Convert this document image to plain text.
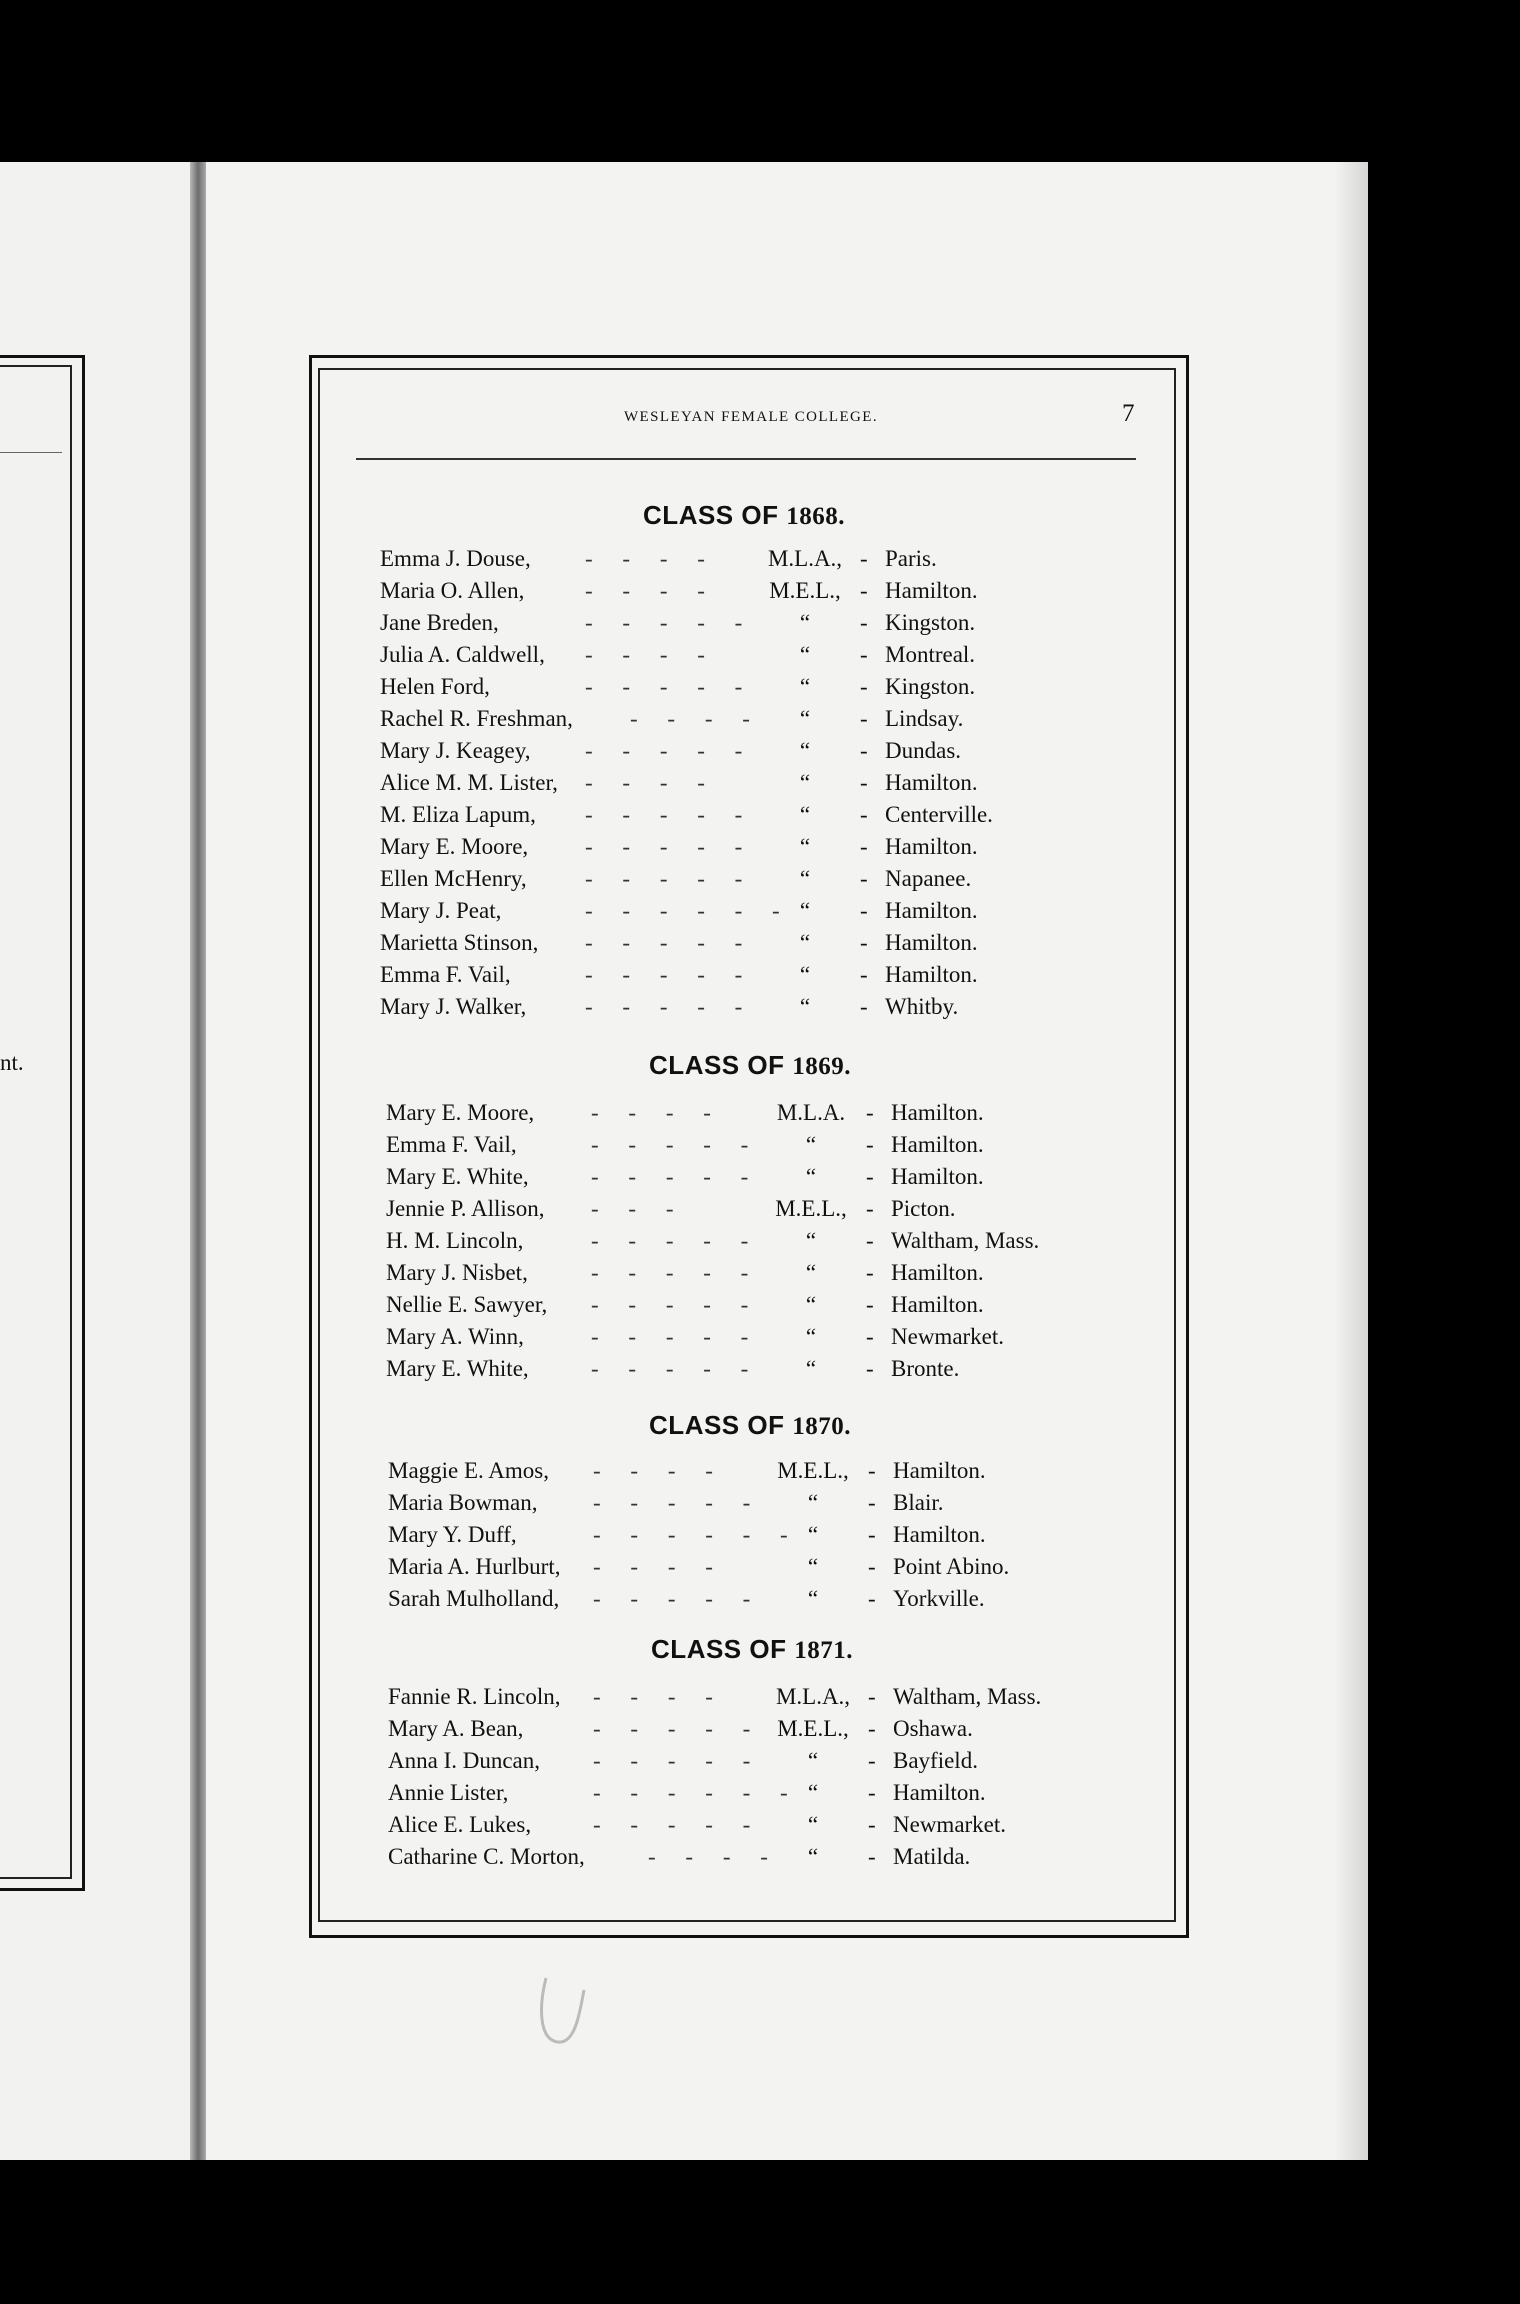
nt.
WESLEYAN FEMALE COLLEGE.	7
CLASS OF 1868.
Emma J. Douse, - - - -	M.L.A., - Paris.
Maria O. Allen,	- - - -	M.E.L., - Hamilton.
Jane Breden,	- - - - -	“	- Kingston.
Julia A. Caldwell, - - - -	“	- Montreal.
Helen Ford,	- - - - -	“	- Kingston.
Rachel R. Freshman, - - - -	“	- Lindsay.
Mary J. Keagey, - - - - -	“	- Dundas.
Alice M. M. Lister, - - - -	“	- Hamilton.
M. Eliza Lapum, - - - - -	“	- Centerville.
Mary E. Moore, - - - - -	“	- Hamilton.
Ellen McHenry,	- - - - -	“	- Napanee.
Mary J. Peat,	- - - - - - “	- Hamilton.
Marietta Stinson, - - - - -	“	- Hamilton.
Emma F. Vail,	- - - - -	“	- Hamilton.
Mary J. Walker,	- - - - -	“	- Whitby.
CLASS OF 1869.
Mary E. Moore, - - - -	M.L.A. - Hamilton.
Emma F. Vail,	- - - - -	“	- Hamilton.
Mary E. White,	- - - - -	“	- Hamilton.
Jennie P. Allison, - - -	M.E.L., - Picton.
H. M. Lincoln,	- - - - -	“	- Waltham, Mass.
Mary J. Nisbet,	- - - - -	“	- Hamilton.
Nellie E. Sawyer, - - - - -	“	- Hamilton.
Mary A. Winn,	- - - - -	“	- Newmarket.
Mary E. White,	- - - - -	“	- Bronte.
CLASS OF 1870.
Maggie E. Amos, - - - -	M.E.L., - Hamilton.
Maria Bowman, - - - - -	“	- Blair.
Mary Y. Duff,	- - - - - - “	- Hamilton.
Maria A. Hurlburt, - - - -	“	- Point Abino.
Sarah Mulholland, - - - - -	“	- Yorkville.
CLASS OF 1871.
Fannie R. Lincoln, - - - -	M.L.A., - Waltham, Mass.
Mary A. Bean,	- - - - - M.E.L., - Oshawa.
Anna I. Duncan, - - - - -	“	- Bayfield.
Annie Lister,	- - - - - - “	- Hamilton.
Alice E. Lukes,	- - - - -	“	- Newmarket.
Catharine C. Morton,	- - - -	“	- Matilda.
